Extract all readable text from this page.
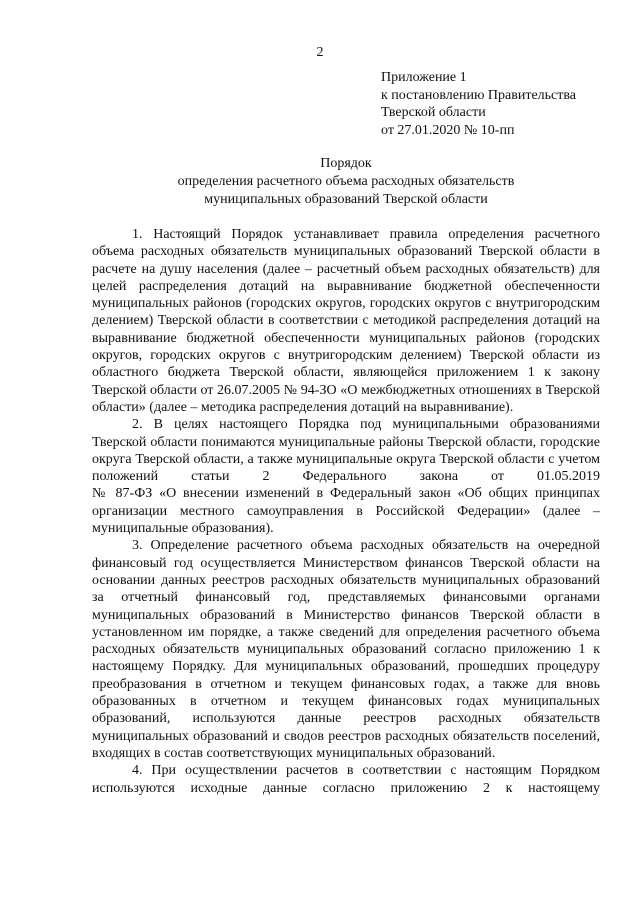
2
Приложение 1
к постановлению Правительства
Тверской области
от 27.01.2020 № 10-пп
Порядок
определения расчетного объема расходных обязательств
муниципальных образований Тверской области

1. Настоящий Порядок устанавливает правила определения расчетного объема расходных обязательств муниципальных образований Тверской области в расчете на душу населения (далее – расчетный объем расходных обязательств) для целей распределения дотаций на выравнивание бюджетной обеспеченности муниципальных районов (городских округов, городских округов с внутригородским делением) Тверской области в соответствии с методикой распределения дотаций на выравнивание бюджетной обеспеченности муниципальных районов (городских округов, городских округов с внутригородским делением) Тверской области из областного бюджета Тверской области, являющейся приложением 1 к закону Тверской области от 26.07.2005 № 94-ЗО «О межбюджетных отношениях в Тверской области» (далее – методика распределения дотаций на выравнивание).

2. В целях настоящего Порядка под муниципальными образованиями Тверской области понимаются муниципальные районы Тверской области, городские округа Тверской области, а также муниципальные округа Тверской области с учетом положений статьи 2 Федерального закона от 01.05.2019

№ 87-ФЗ «О внесении изменений в Федеральный закон «Об общих принципах организации местного самоуправления в Российской Федерации» (далее – муниципальные образования).

3. Определение расчетного объема расходных обязательств на очередной финансовый год осуществляется Министерством финансов Тверской области на основании данных реестров расходных обязательств муниципальных образований за отчетный финансовый год, представляемых финансовыми органами муниципальных образований в Министерство финансов Тверской области в установленном им порядке, а также сведений для определения расчетного объема расходных обязательств муниципальных образований согласно приложению 1 к настоящему Порядку. Для муниципальных образований, прошедших процедуру преобразования в отчетном и текущем финансовых годах, а также для вновь образованных в отчетном и текущем финансовых годах муниципальных образований, используются данные реестров расходных обязательств муниципальных образований и сводов реестров расходных обязательств поселений, входящих в состав соответствующих муниципальных образований.

4. При осуществлении расчетов в соответствии с настоящим Порядком используются исходные данные согласно приложению 2 к настоящему
